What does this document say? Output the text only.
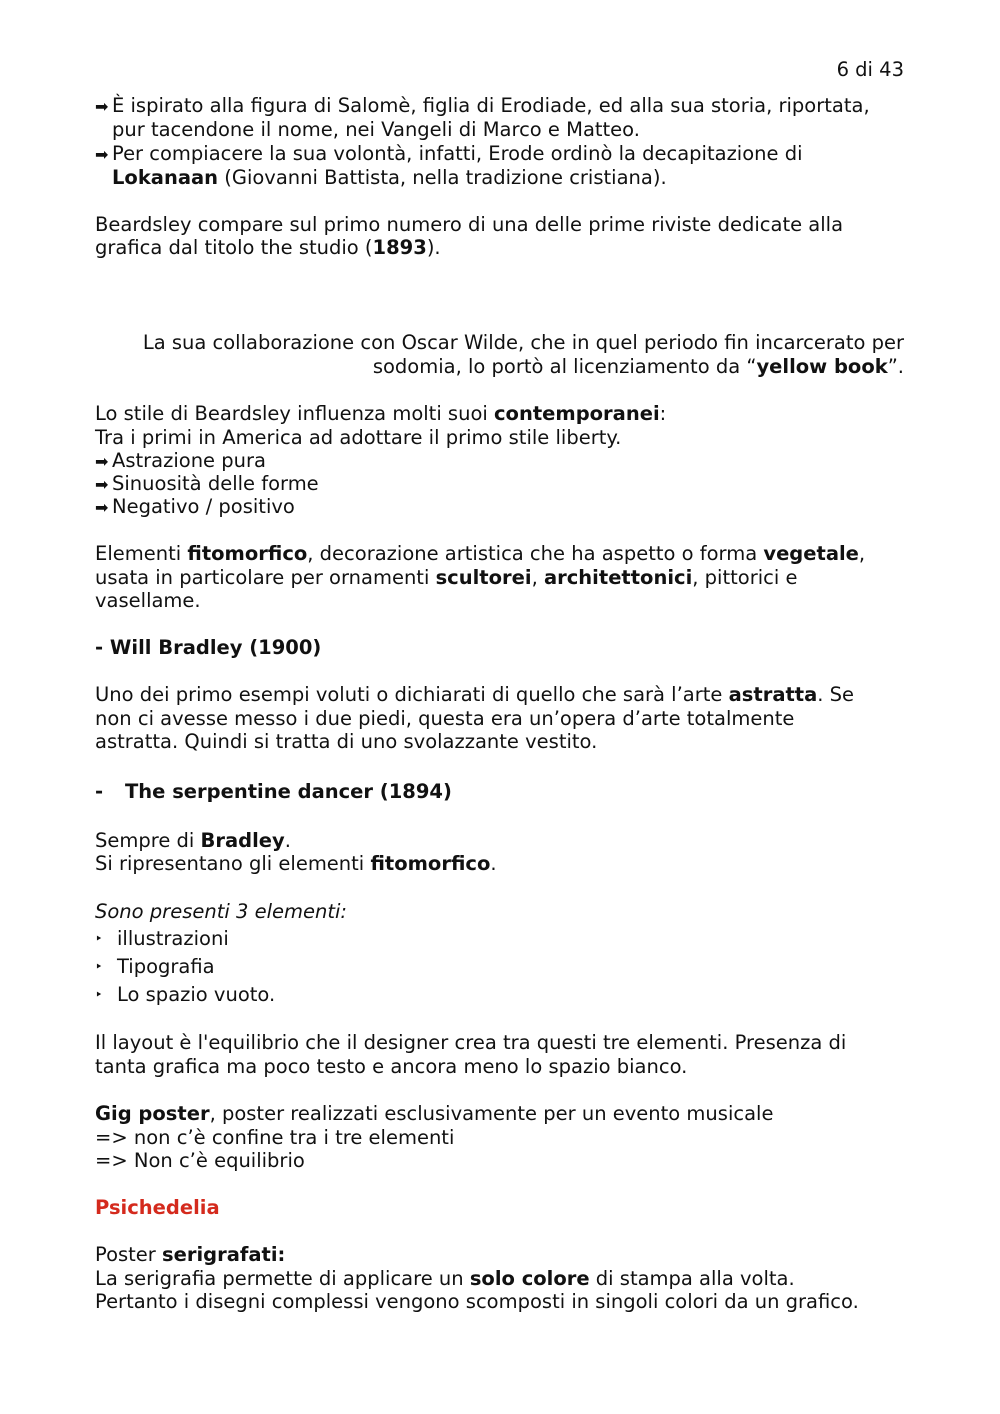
6 di 43
➡ È ispirato alla figura di Salomè, figlia di Erodiade, ed alla sua storia, riportata,
pur tacendone il nome, nei Vangeli di Marco e Matteo.
➡ Per compiacere la sua volontà, infatti, Erode ordinò la decapitazione di
Lokanaan (Giovanni Battista, nella tradizione cristiana).
Beardsley compare sul primo numero di una delle prime riviste dedicate alla
grafica dal titolo the studio (1893).
La sua collaborazione con Oscar Wilde, che in quel periodo fin incarcerato per
sodomia, lo portò al licenziamento da “yellow book”.
Lo stile di Beardsley influenza molti suoi contemporanei:
Tra i primi in America ad adottare il primo stile liberty.
➡ Astrazione pura
➡ Sinuosità delle forme
➡ Negativo / positivo
Elementi fitomorfico, decorazione artistica che ha aspetto o forma vegetale,
usata in particolare per ornamenti scultorei, architettonici, pittorici e
vasellame.
- Will Bradley (1900)
Uno dei primo esempi voluti o dichiarati di quello che sarà l’arte astratta. Se
non ci avesse messo i due piedi, questa era un’opera d’arte totalmente
astratta. Quindi si tratta di uno svolazzante vestito.
- The serpentine dancer (1894)
Sempre di Bradley.
Si ripresentano gli elementi fitomorfico.
Sono presenti 3 elementi:
‣ illustrazioni
‣ Tipografia
‣ Lo spazio vuoto.
Il layout è l'equilibrio che il designer crea tra questi tre elementi. Presenza di
tanta grafica ma poco testo e ancora meno lo spazio bianco.
Gig poster, poster realizzati esclusivamente per un evento musicale
=> non c’è confine tra i tre elementi
=> Non c’è equilibrio
Psichedelia
Poster serigrafati:
La serigrafia permette di applicare un solo colore di stampa alla volta.
Pertanto i disegni complessi vengono scomposti in singoli colori da un grafico.
